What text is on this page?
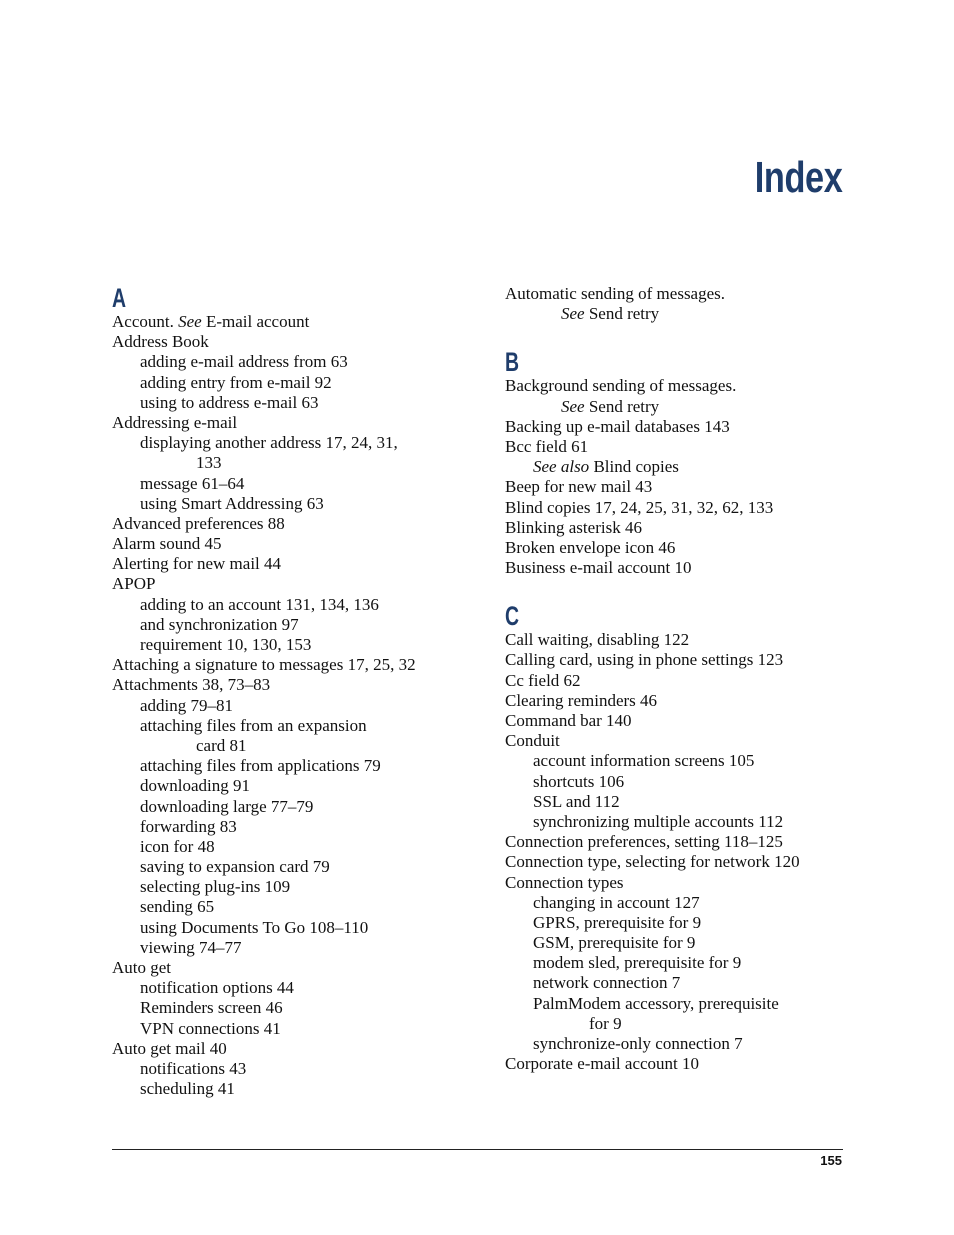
Index
A
Account. See E-mail account
Address Book
adding e-mail address from 63
adding entry from e-mail 92
using to address e-mail 63
Addressing e-mail
displaying another address 17, 24, 31,
133
message 61–64
using Smart Addressing 63
Advanced preferences 88
Alarm sound 45
Alerting for new mail 44
APOP
adding to an account 131, 134, 136
and synchronization 97
requirement 10, 130, 153
Attaching a signature to messages 17, 25, 32
Attachments 38, 73–83
adding 79–81
attaching files from an expansion
card 81
attaching files from applications 79
downloading 91
downloading large 77–79
forwarding 83
icon for 48
saving to expansion card 79
selecting plug-ins 109
sending 65
using Documents To Go 108–110
viewing 74–77
Auto get
notification options 44
Reminders screen 46
VPN connections 41
Auto get mail 40
notifications 43
scheduling 41
Automatic sending of messages.
See Send retry
B
Background sending of messages.
See Send retry
Backing up e-mail databases 143
Bcc field 61
See also Blind copies
Beep for new mail 43
Blind copies 17, 24, 25, 31, 32, 62, 133
Blinking asterisk 46
Broken envelope icon 46
Business e-mail account 10
C
Call waiting, disabling 122
Calling card, using in phone settings 123
Cc field 62
Clearing reminders 46
Command bar 140
Conduit
account information screens 105
shortcuts 106
SSL and 112
synchronizing multiple accounts 112
Connection preferences, setting 118–125
Connection type, selecting for network 120
Connection types
changing in account 127
GPRS, prerequisite for 9
GSM, prerequisite for 9
modem sled, prerequisite for 9
network connection 7
PalmModem accessory, prerequisite
for 9
synchronize-only connection 7
Corporate e-mail account 10
155
